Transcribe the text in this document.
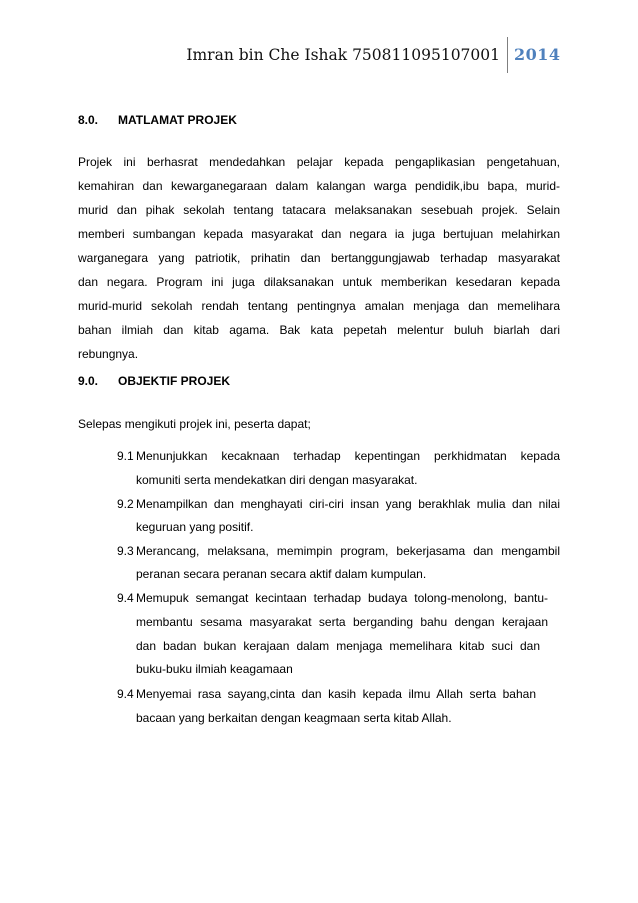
Imran bin Che Ishak 750811095107001 2014
8.0. MATLAMAT PROJEK
Projek ini berhasrat mendedahkan pelajar kepada pengaplikasian pengetahuan,
kemahiran dan kewarganegaraan dalam kalangan warga pendidik,ibu bapa, murid-
murid dan pihak sekolah tentang tatacara melaksanakan sesebuah projek. Selain
memberi sumbangan kepada masyarakat dan negara ia juga bertujuan melahirkan
warganegara yang patriotik, prihatin dan bertanggungjawab terhadap masyarakat
dan negara. Program ini juga dilaksanakan untuk memberikan kesedaran kepada
murid-murid sekolah rendah tentang pentingnya amalan menjaga dan memelihara
bahan ilmiah dan kitab agama. Bak kata pepetah melentur buluh biarlah dari
rebungnya.
9.0. OBJEKTIF PROJEK
Selepas mengikuti projek ini, peserta dapat;
9.1 Menunjukkan kecaknaan terhadap kepentingan perkhidmatan kepada
komuniti serta mendekatkan diri dengan masyarakat.
9.2 Menampilkan dan menghayati ciri-ciri insan yang berakhlak mulia dan nilai
keguruan yang positif.
9.3 Merancang, melaksana, memimpin program, bekerjasama dan mengambil
peranan secara peranan secara aktif dalam kumpulan.
9.4 Memupuk semangat kecintaan terhadap budaya tolong-menolong, bantu-
membantu sesama masyarakat serta berganding bahu dengan kerajaan
dan badan bukan kerajaan dalam menjaga memelihara kitab suci dan
buku-buku ilmiah keagamaan
9.4 Menyemai rasa sayang,cinta dan kasih kepada ilmu Allah serta bahan
bacaan yang berkaitan dengan keagmaan serta kitab Allah.
